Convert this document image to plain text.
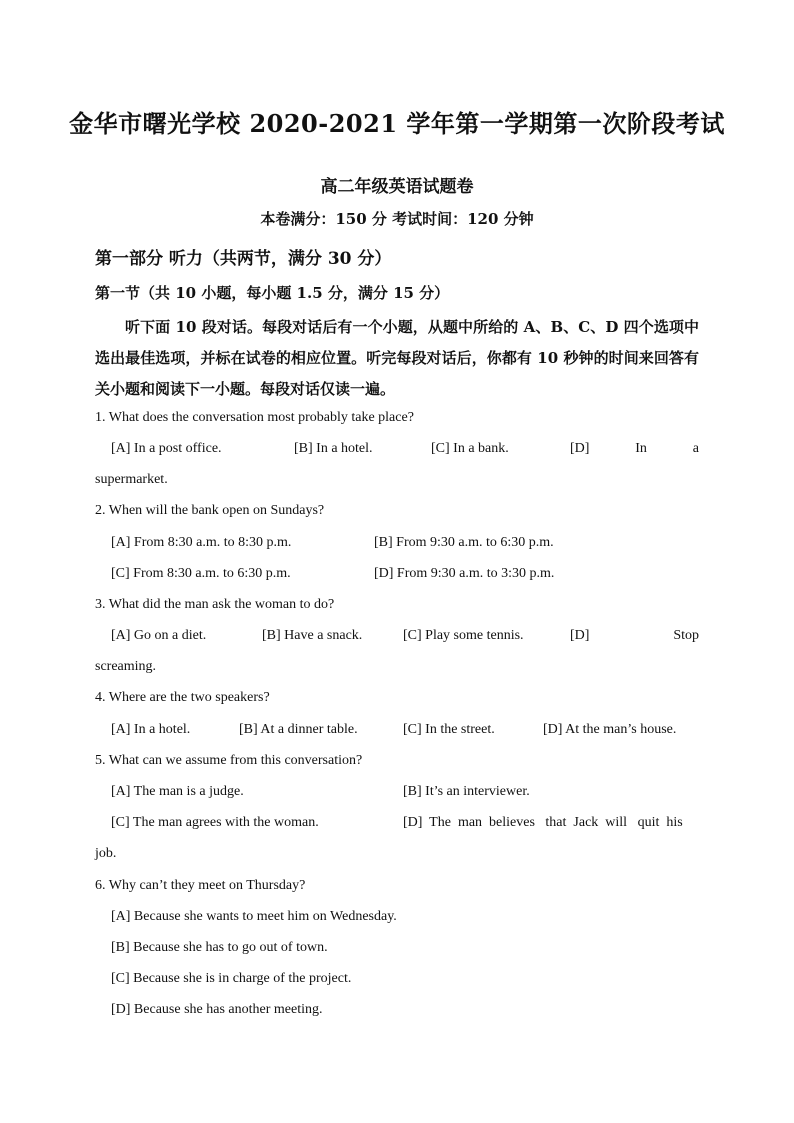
金华市曙光学校 2020-2021 学年第一学期第一次阶段考试
高二年级英语试题卷
本卷满分：150 分 考试时间：120 分钟
第一部分 听力（共两节，满分 30 分）
第一节（共 10 小题，每小题 1.5 分，满分 15 分）
听下面 10 段对话。每段对话后有一个小题，从题中所给的 A、B、C、D 四个选项中选出最佳选项，并标在试卷的相应位置。听完每段对话后，你都有 10 秒钟的时间来回答有关小题和阅读下一小题。每段对话仅读一遍。
1. What does the conversation most probably take place?
[A] In a post office.	[B] In a hotel.	[C] In a bank.	[D]	In	a
supermarket.
2. When will the bank open on Sundays?
[A] From 8:30 a.m. to 8:30 p.m.	[B] From 9:30 a.m. to 6:30 p.m.
[C] From 8:30 a.m. to 6:30 p.m.	[D] From 9:30 a.m. to 3:30 p.m.
3. What did the man ask the woman to do?
[A] Go on a diet.	[B] Have a snack.	[C] Play some tennis.	[D]	Stop
screaming.
4. Where are the two speakers?
[A] In a hotel.	[B] At a dinner table.	[C] In the street.	[D] At the man’s house.
5. What can we assume from this conversation?
[A] The man is a judge.	[B] It’s an interviewer.
[C] The man agrees with the woman.	[D]  The  man  believes   that  Jack  will   quit  his
job.
6. Why can’t they meet on Thursday?
[A] Because she wants to meet him on Wednesday.
[B] Because she has to go out of town.
[C] Because she is in charge of the project.
[D] Because she has another meeting.
